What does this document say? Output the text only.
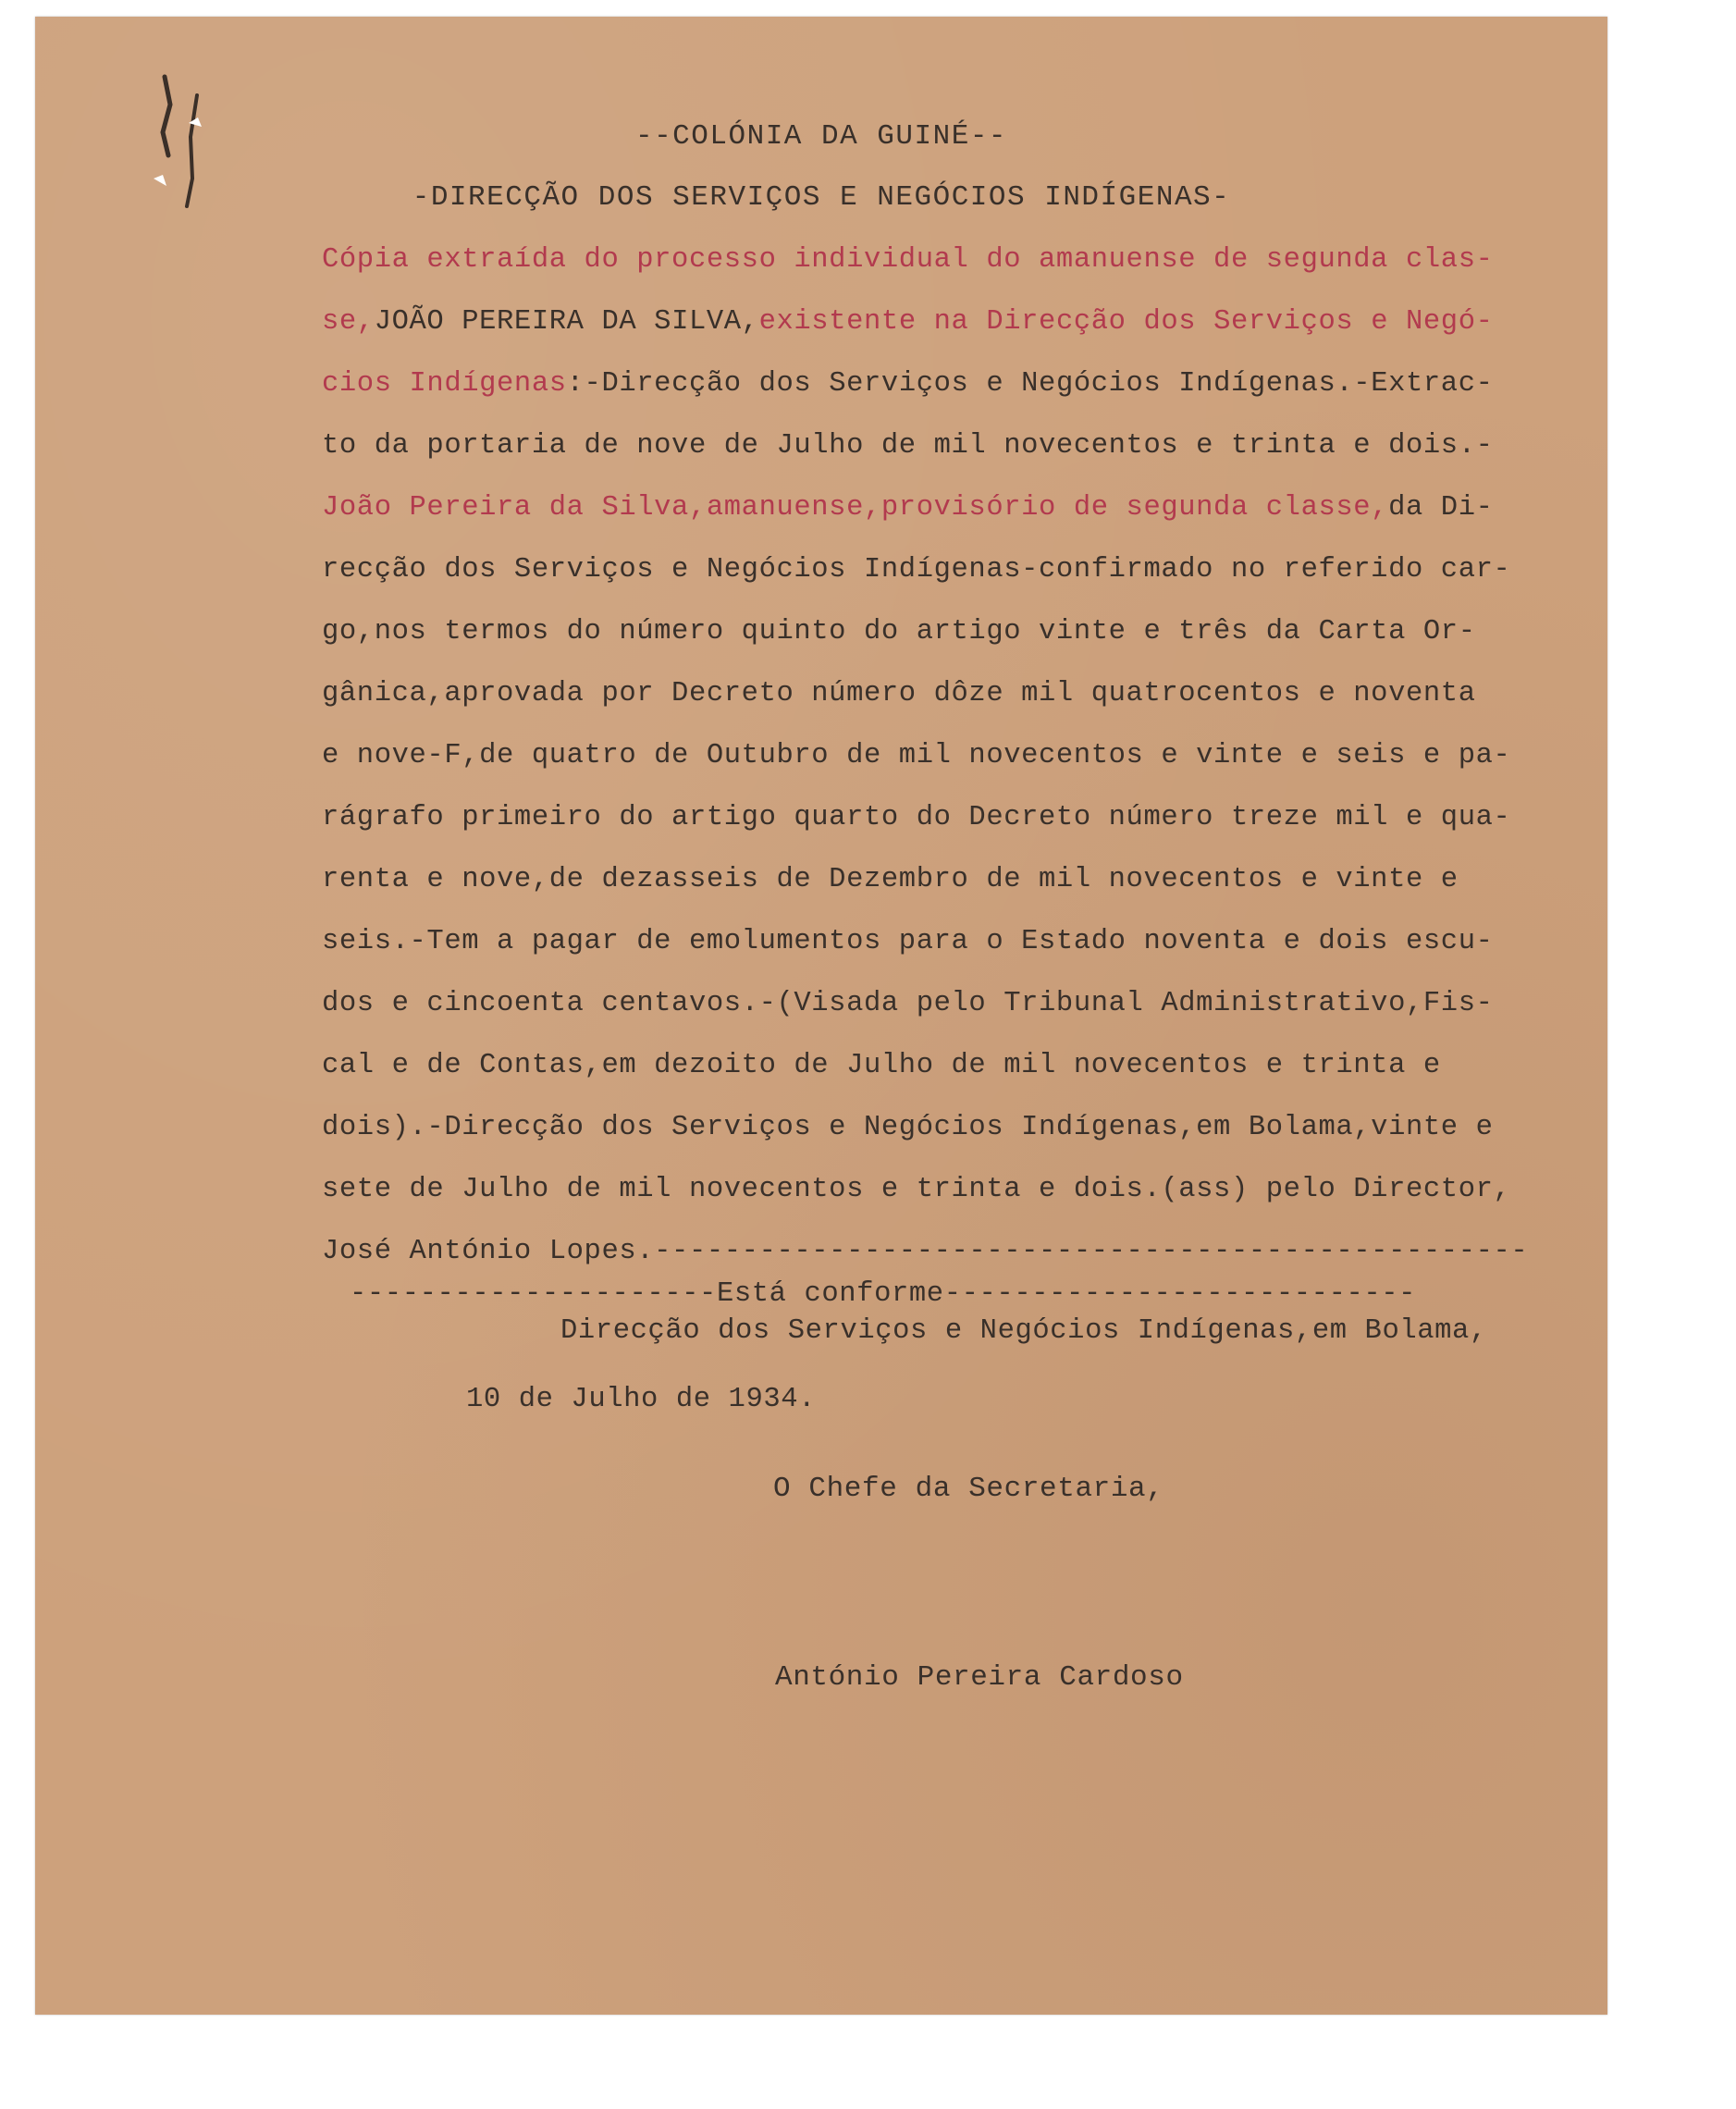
--COLÓNIA DA GUINÉ--
-DIRECÇÃO DOS SERVIÇOS E NEGÓCIOS INDÍGENAS-
Cópia extraída do processo individual do amanuense de segunda clas-
se,JOÃO PEREIRA DA SILVA,existente na Direcção dos Serviços e Negó-
cios Indígenas:-Direcção dos Serviços e Negócios Indígenas.-Extrac-
to da portaria de nove de Julho de mil novecentos e trinta e dois.-
João Pereira da Silva,amanuense,provisório de segunda classe,da Di-
recção dos Serviços e Negócios Indígenas-confirmado no referido car-
go,nos termos do número quinto do artigo vinte e três da Carta Or-
gânica,aprovada por Decreto número dôze mil quatrocentos e noventa
e nove-F,de quatro de Outubro de mil novecentos e vinte e seis e pa-
rágrafo primeiro do artigo quarto do Decreto número treze mil e qua-
renta e nove,de dezasseis de Dezembro de mil novecentos e vinte e
seis.-Tem a pagar de emolumentos para o Estado noventa e dois escu-
dos e cincoenta centavos.-(Visada pelo Tribunal Administrativo,Fis-
cal e de Contas,em dezoito de Julho de mil novecentos e trinta e
dois).-Direcção dos Serviços e Negócios Indígenas,em Bolama,vinte e
sete de Julho de mil novecentos e trinta e dois.(ass) pelo Director,
José António Lopes.--------------------------------------------------
---------------------Está conforme---------------------------
Direcção dos Serviços e Negócios Indígenas,em Bolama,
10 de Julho de 1934.
O Chefe da Secretaria,
António Pereira Cardoso
